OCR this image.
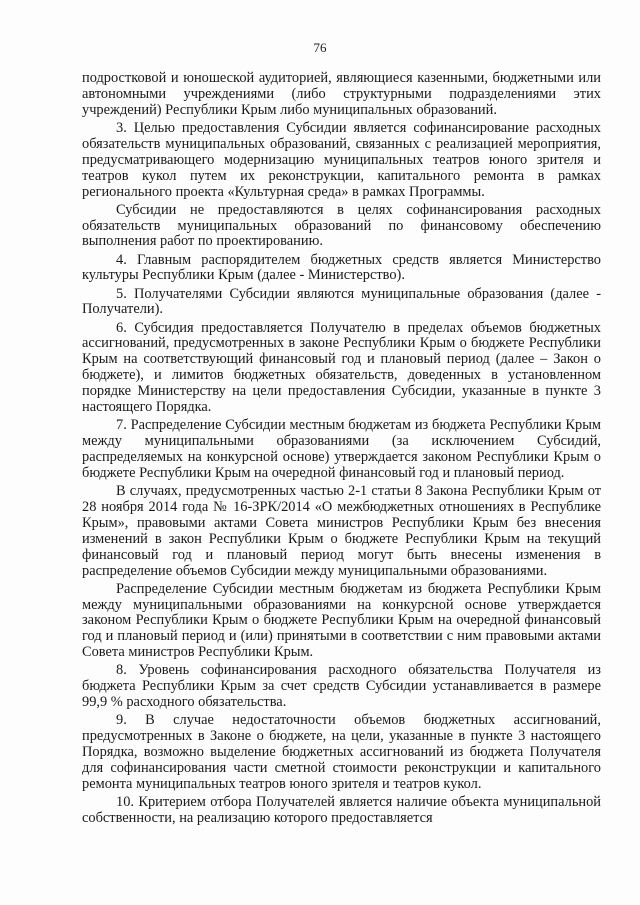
76

подростковой и юношеской аудиторией, являющиеся казенными, бюджетными или автономными учреждениями (либо структурными подразделениями этих учреждений) Республики Крым либо муниципальных образований.

3. Целью предоставления Субсидии является софинансирование расходных обязательств муниципальных образований, связанных с реализацией мероприятия, предусматривающего модернизацию муниципальных театров юного зрителя и театров кукол путем их реконструкции, капитального ремонта в рамках регионального проекта «Культурная среда» в рамках Программы.

Субсидии не предоставляются в целях софинансирования расходных обязательств муниципальных образований по финансовому обеспечению выполнения работ по проектированию.

4. Главным распорядителем бюджетных средств является Министерство культуры Республики Крым (далее - Министерство).

5. Получателями Субсидии являются муниципальные образования (далее - Получатели).

6. Субсидия предоставляется Получателю в пределах объемов бюджетных ассигнований, предусмотренных в законе Республики Крым о бюджете Республики Крым на соответствующий финансовый год и плановый период (далее – Закон о бюджете), и лимитов бюджетных обязательств, доведенных в установленном порядке Министерству на цели предоставления Субсидии, указанные в пункте 3 настоящего Порядка.

7. Распределение Субсидии местным бюджетам из бюджета Республики Крым между муниципальными образованиями (за исключением Субсидий, распределяемых на конкурсной основе) утверждается законом Республики Крым о бюджете Республики Крым на очередной финансовый год и плановый период.

В случаях, предусмотренных частью 2-1 статьи 8 Закона Республики Крым от 28 ноября 2014 года № 16-ЗРК/2014 «О межбюджетных отношениях в Республике Крым», правовыми актами Совета министров Республики Крым без внесения изменений в закон Республики Крым о бюджете Республики Крым на текущий финансовый год и плановый период могут быть внесены изменения в распределение объемов Субсидии между муниципальными образованиями.

Распределение Субсидии местным бюджетам из бюджета Республики Крым между муниципальными образованиями на конкурсной основе утверждается законом Республики Крым о бюджете Республики Крым на очередной финансовый год и плановый период и (или) принятыми в соответствии с ним правовыми актами Совета министров Республики Крым.

8. Уровень софинансирования расходного обязательства Получателя из бюджета Республики Крым за счет средств Субсидии устанавливается в размере 99,9 % расходного обязательства.

9. В случае недостаточности объемов бюджетных ассигнований, предусмотренных в Законе о бюджете, на цели, указанные в пункте 3 настоящего Порядка, возможно выделение бюджетных ассигнований из бюджета Получателя для софинансирования части сметной стоимости реконструкции и капитального ремонта муниципальных театров юного зрителя и театров кукол.

10. Критерием отбора Получателей является наличие объекта муниципальной собственности, на реализацию которого предоставляется
